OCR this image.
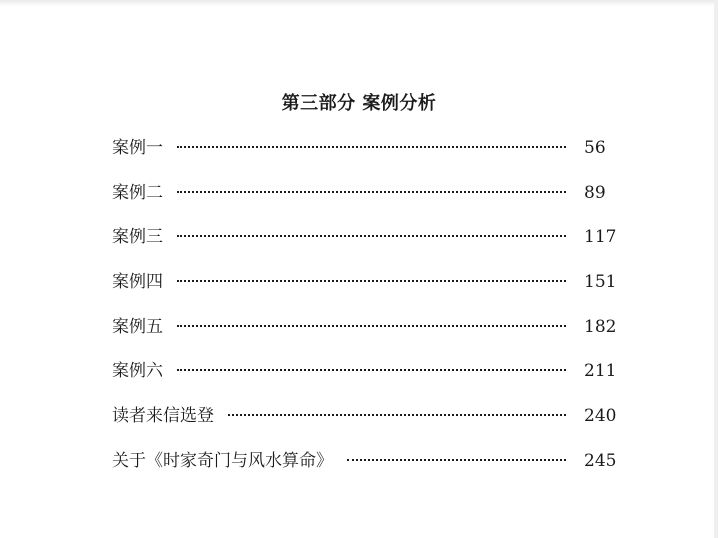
第三部分 案例分析
案例一	56
案例二	89
案例三	117
案例四	151
案例五	182
案例六	211
读者来信选登	240
关于《时家奇门与风水算命》	245
